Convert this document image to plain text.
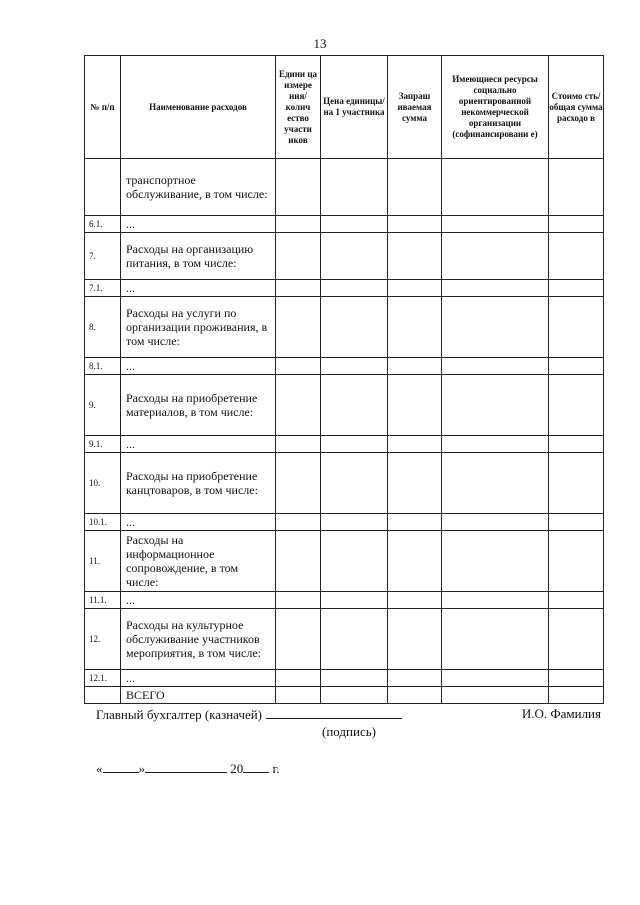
13
№ п/п	Наименование расходов	Едини ца измере ния/ колич ество участи иков	Цена единицы/ на 1 участника	Запраш иваемая сумма	Имеющиеся ресурсы социально ориентированной некоммерческой организации (софинансировани е)	Стоимо сть/ общая сумма расходо в
	транспортное обслуживание, в том числе:					
6.1.	...					
7.	Расходы на организацию питания, в том числе:					
7.1.	...					
8.	Расходы на услуги по организации проживания, в том числе:					
8.1.	...					
9.	Расходы на приобретение материалов, в том числе:					
9.1.	...					
10.	Расходы на приобретение канцтоваров, в том числе:					
10.1.	...					
11.	Расходы на информационное сопровождение, в том числе:					
11.1.	...					
12.	Расходы на культурное обслуживание участников мероприятия, в том числе:					
12.1.	...					
	ВСЕГО					
Главный бухгалтер (казначей)	И.О. Фамилия
(подпись)
«	»	20 г.
